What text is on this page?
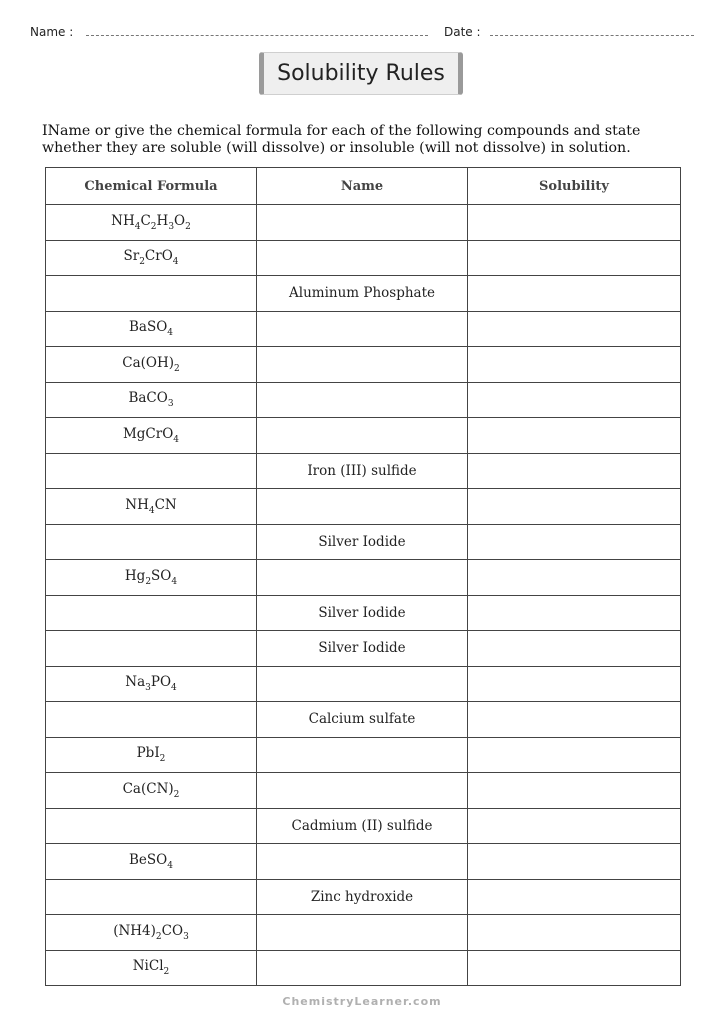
Name :	Date :
Solubility Rules
IName or give the chemical formula for each of the following compounds and state whether they are soluble (will dissolve) or insoluble (will not dissolve) in solution.
Chemical Formula	Name	Solubility
$NH_4C_2H_3O_2$		
$Sr_2CrO_4$		
	Aluminum Phosphate	
BaSO$_4$		
$Ca(OH)_2$		
BaCO$_3$		
MgCrO$_4$		
	Iron (III) sulfide	
$NH_4CN$		
	Silver Iodide	
$Hg_2SO_4$		
	Silver Iodide	
	Silver Iodide	
$Na_3PO_4$		
	Calcium sulfate	
PbI$_2$		
$Ca(CN)_2$		
	Cadmium (II) sulfide	
BeSO$_4$		
	Zinc hydroxide	
$(NH4)_2CO_3$		
NiCl$_2$		
ChemistryLearner.com
